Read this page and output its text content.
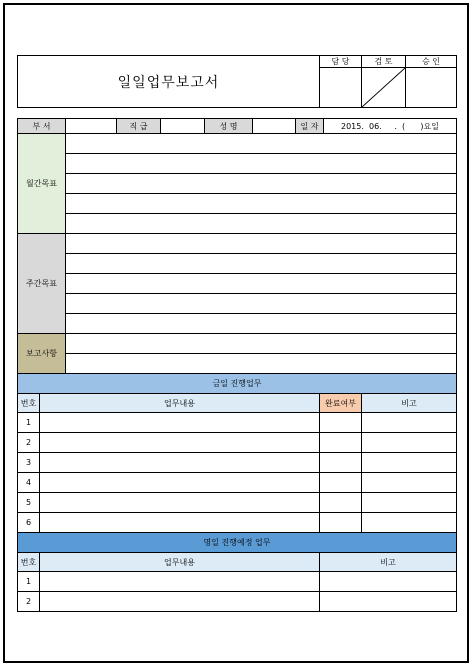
일일업무보고서	담 당	검 토	승 인

부 서		직 급		성 명		일 자	2015.  06.     .  (      )요일
월간목표	

주간목표	

보고사항	

금일 진행업무			
번호	업무내용	완료여부	비고
1			
2			
3			
4			
5			
6			
명일 진행예정 업무		
번호	업무내용	비고
1		
2		
